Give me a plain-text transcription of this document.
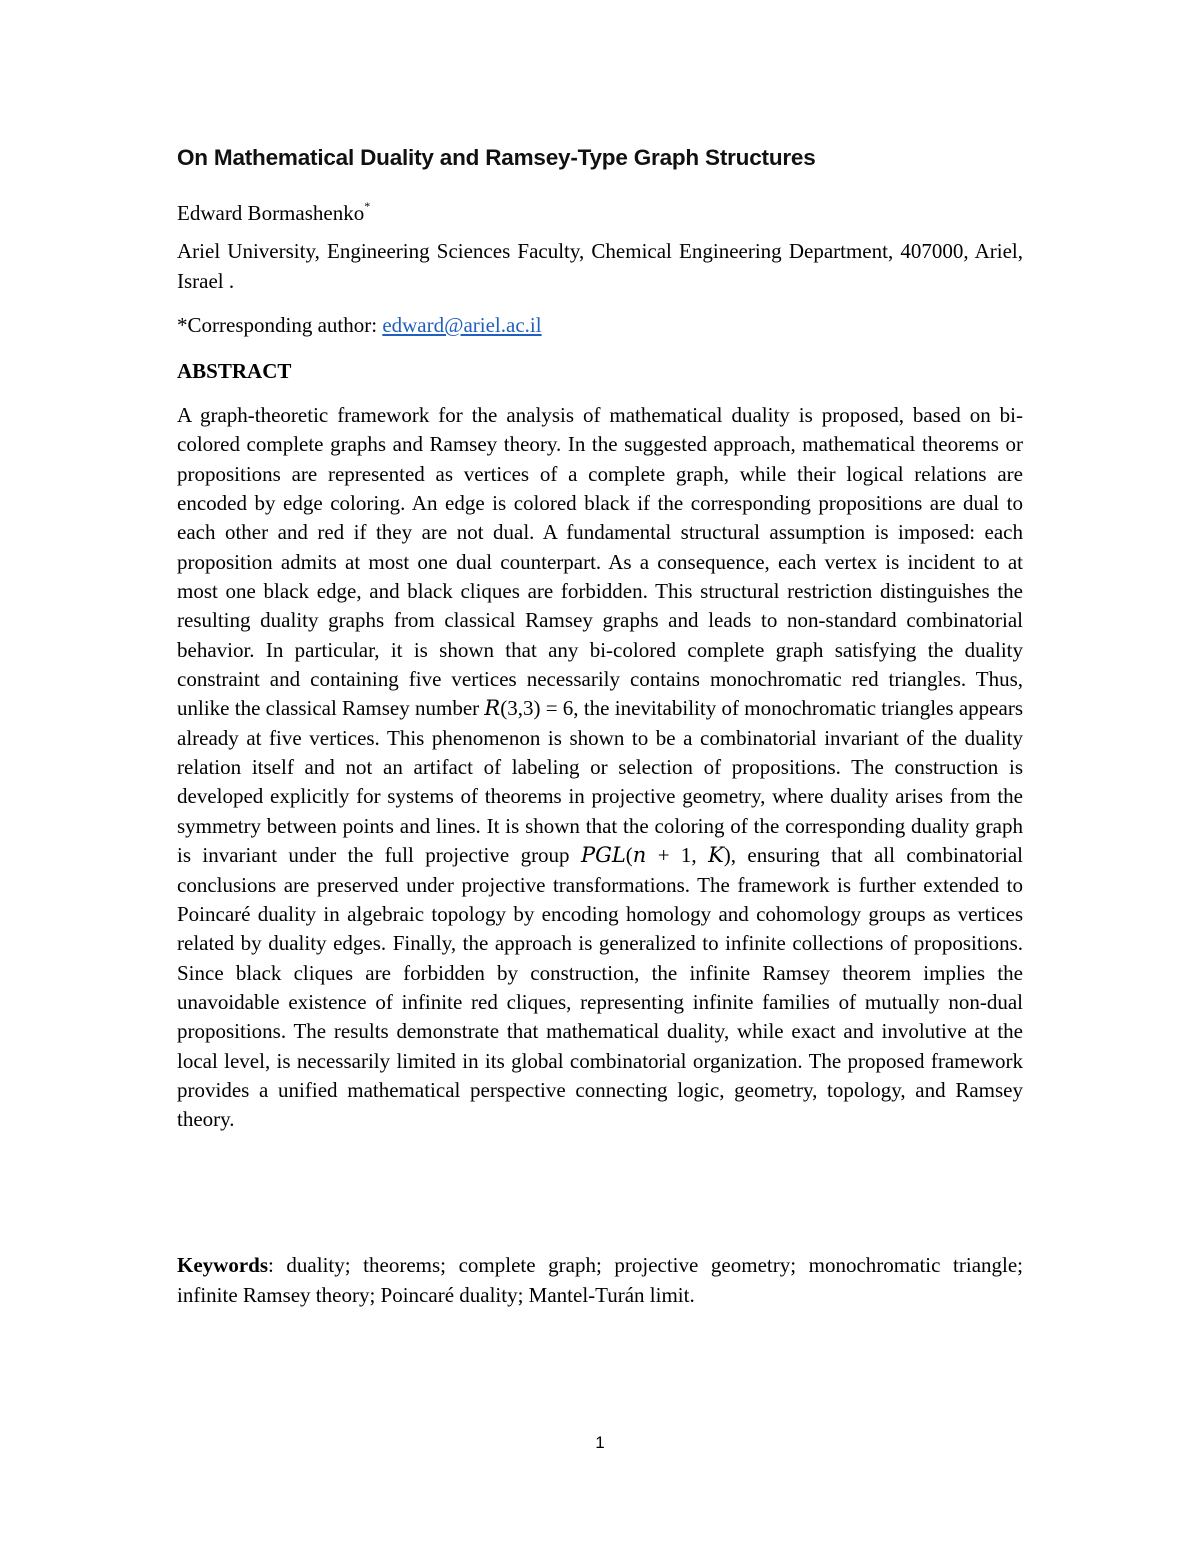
On Mathematical Duality and Ramsey-Type Graph Structures
Edward Bormashenko*
Ariel University, Engineering Sciences Faculty, Chemical Engineering Department, 407000, Ariel, Israel .
*Corresponding author: edward@ariel.ac.il
ABSTRACT
A graph-theoretic framework for the analysis of mathematical duality is proposed, based on bi-colored complete graphs and Ramsey theory. In the suggested approach, mathematical theorems or propositions are represented as vertices of a complete graph, while their logical relations are encoded by edge coloring. An edge is colored black if the corresponding propositions are dual to each other and red if they are not dual. A fundamental structural assumption is imposed: each proposition admits at most one dual counterpart. As a consequence, each vertex is incident to at most one black edge, and black cliques are forbidden. This structural restriction distinguishes the resulting duality graphs from classical Ramsey graphs and leads to non-standard combinatorial behavior. In particular, it is shown that any bi-colored complete graph satisfying the duality constraint and containing five vertices necessarily contains monochromatic red triangles. Thus, unlike the classical Ramsey number 𝑅(3,3) = 6, the inevitability of monochromatic triangles appears already at five vertices. This phenomenon is shown to be a combinatorial invariant of the duality relation itself and not an artifact of labeling or selection of propositions. The construction is developed explicitly for systems of theorems in projective geometry, where duality arises from the symmetry between points and lines. It is shown that the coloring of the corresponding duality graph is invariant under the full projective group 𝑃𝐺𝐿(𝑛 + 1, 𝐾), ensuring that all combinatorial conclusions are preserved under projective transformations. The framework is further extended to Poincaré duality in algebraic topology by encoding homology and cohomology groups as vertices related by duality edges. Finally, the approach is generalized to infinite collections of propositions. Since black cliques are forbidden by construction, the infinite Ramsey theorem implies the unavoidable existence of infinite red cliques, representing infinite families of mutually non-dual propositions. The results demonstrate that mathematical duality, while exact and involutive at the local level, is necessarily limited in its global combinatorial organization. The proposed framework provides a unified mathematical perspective connecting logic, geometry, topology, and Ramsey theory.
Keywords: duality; theorems; complete graph; projective geometry; monochromatic triangle; infinite Ramsey theory; Poincaré duality; Mantel-Turán limit.
1
